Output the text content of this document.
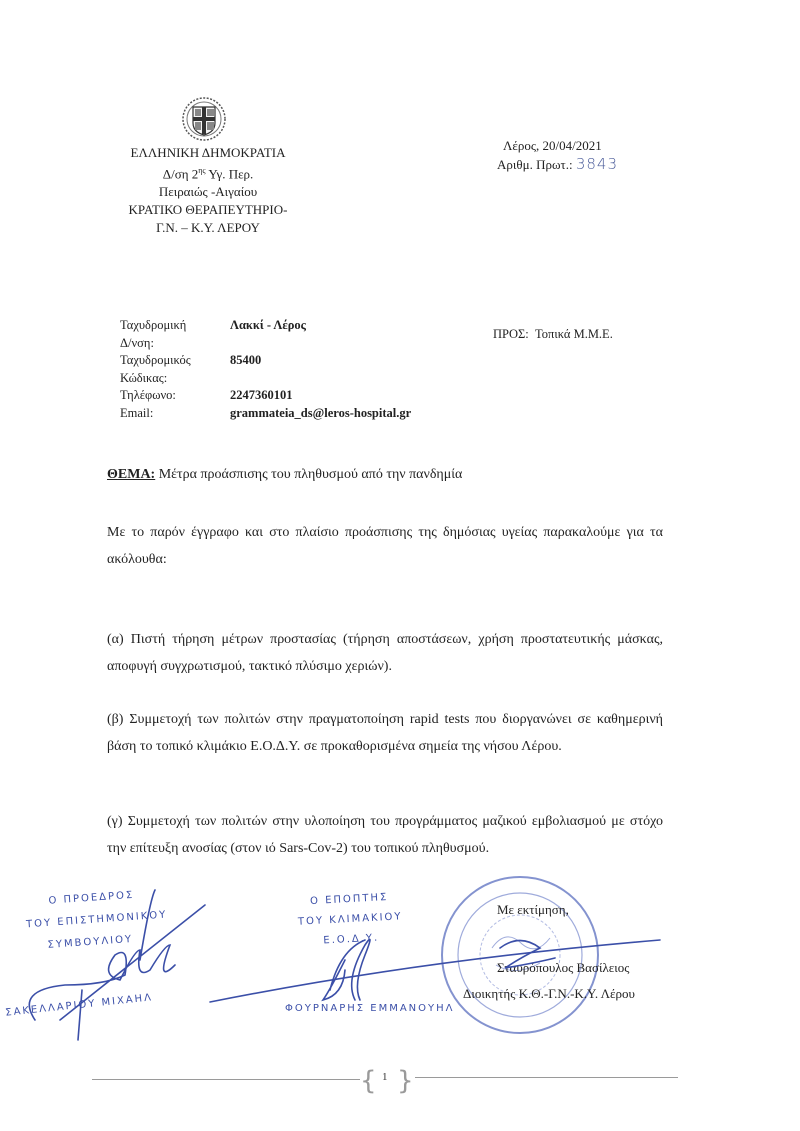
ΕΛΛΗΝΙΚΗ ΔΗΜΟΚΡΑΤΙΑ
Δ/ση $2^{\eta\varsigma}$ Υγ. Περ.
Πειραιώς -Αιγαίου
ΚΡΑΤΙΚΟ ΘΕΡΑΠΕΥΤΗΡΙΟ-
Γ.Ν. – Κ.Υ. ΛΕΡΟΥ
Λέρος, 20/04/2021
Αριθμ. Πρωτ.: 3843
Ταχυδρομική	Λακκί - Λέρος
Δ/νση:
Ταχυδρομικός	85400
Κώδικας:
Τηλέφωνο:	2247360101
Email:	grammateia_ds@leros-hospital.gr
ΠΡΟΣ: Τοπικά Μ.Μ.Ε.
ΘΕΜΑ: Μέτρα προάσπισης του πληθυσμού από την πανδημία
Με το παρόν έγγραφο και στο πλαίσιο προάσπισης της δημόσιας υγείας παρακαλούμε για τα ακόλουθα:
(α) Πιστή τήρηση μέτρων προστασίας (τήρηση αποστάσεων, χρήση προστατευτικής μάσκας, αποφυγή συγχρωτισμού, τακτικό πλύσιμο χεριών).
(β) Συμμετοχή των πολιτών στην πραγματοποίηση rapid tests που διοργανώνει σε καθημερινή βάση το τοπικό κλιμάκιο Ε.Ο.Δ.Υ. σε προκαθορισμένα σημεία της νήσου Λέρου.
(γ) Συμμετοχή των πολιτών στην υλοποίηση του προγράμματος μαζικού εμβολιασμού με στόχο την επίτευξη ανοσίας (στον ιό Sars-Cov-2) του τοπικού πληθυσμού.
Ο ΠΡΟΕΔΡΟΣ
ΤΟΥ ΕΠΙΣΤΗΜΟΝΙΚΟΥ
ΣΥΜΒΟΥΛΙΟΥ
ΣΑΚΕΛΛΑΡΙΟΥ ΜΙΧΑΗΛ
Ο ΕΠΟΠΤΗΣ
ΤΟΥ ΚΛΙΜΑΚΙΟΥ
Ε.Ο.Δ.Υ.
ΦΟΥΡΝΑΡΗΣ ΕΜΜΑΝΟΥΗΛ
Με εκτίμηση,
Σταυρόπουλος Βασίλειος
Διοικητής Κ.Θ.-Γ.Ν.-Κ.Υ. Λέρου
{ 1 }
